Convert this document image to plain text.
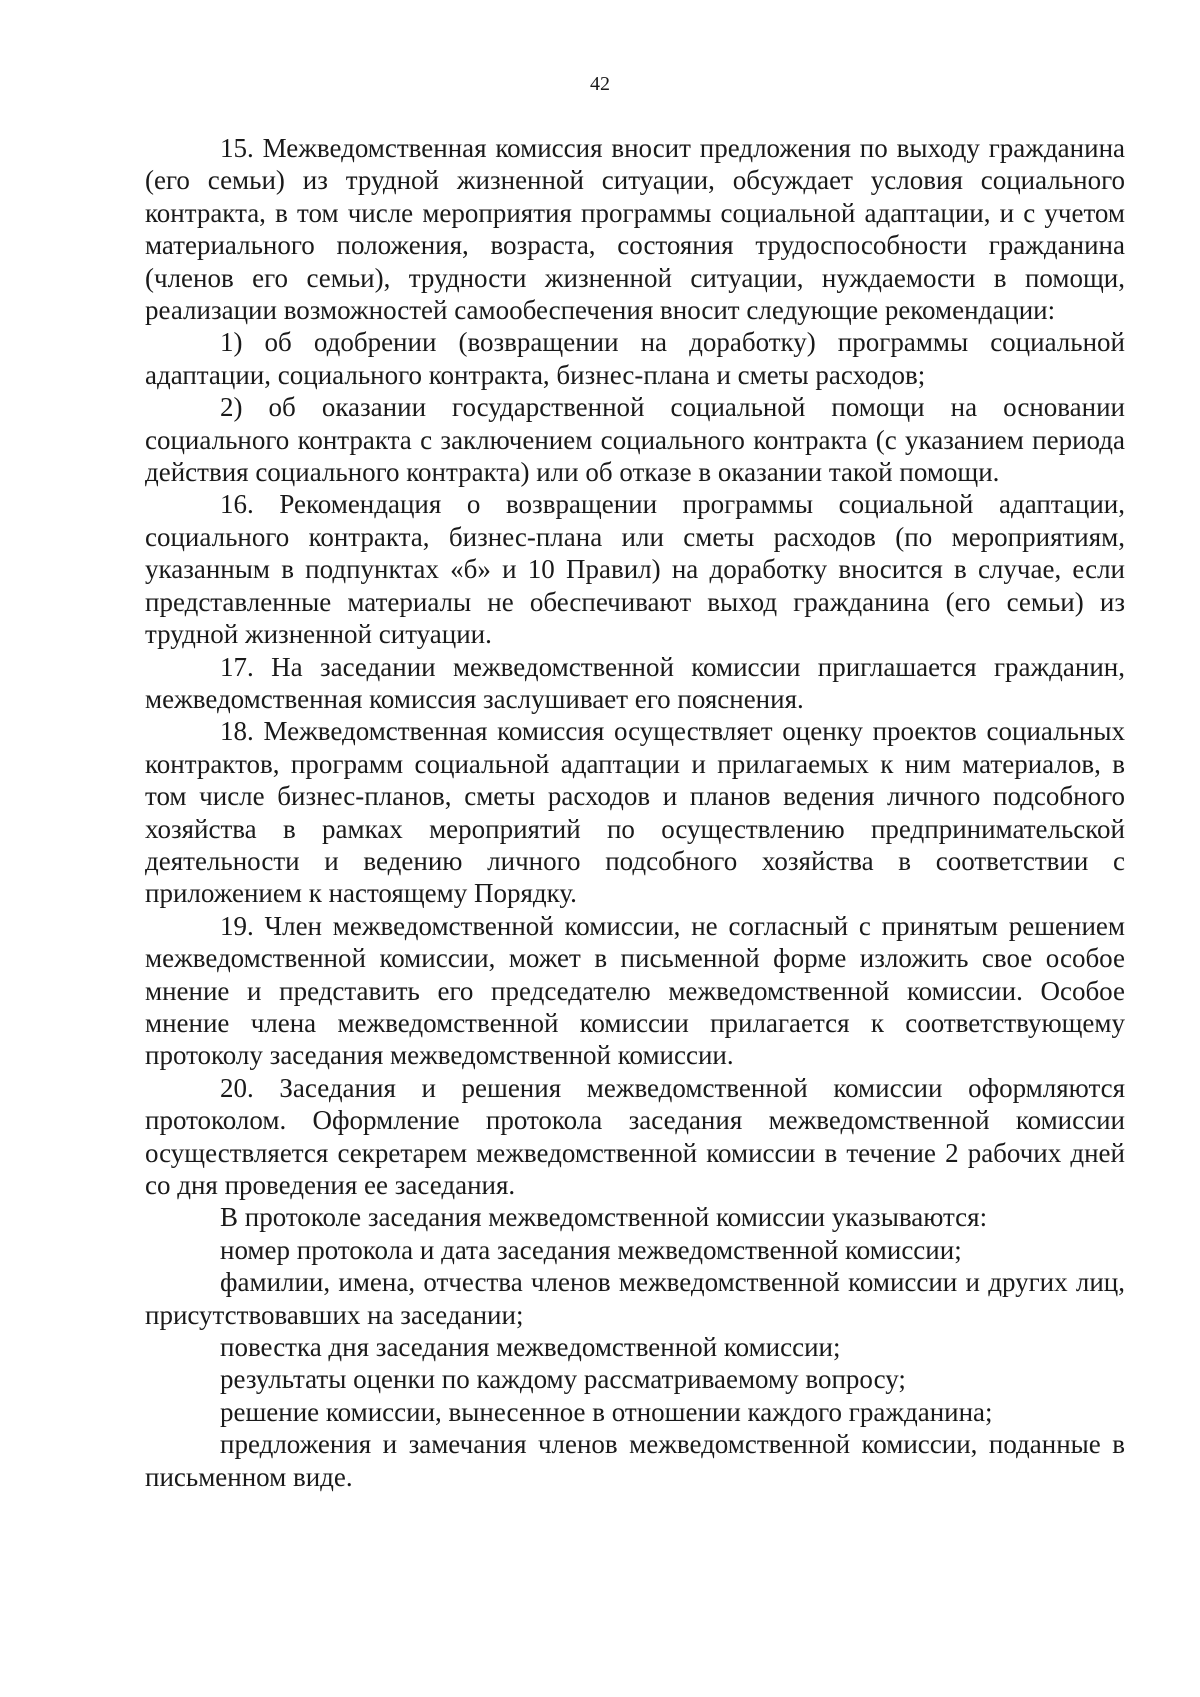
42

15. Межведомственная комиссия вносит предложения по выходу гражданина (его семьи) из трудной жизненной ситуации, обсуждает условия социального контракта, в том числе мероприятия программы социальной адаптации, и с учетом материального положения, возраста, состояния трудоспособности гражданина (членов его семьи), трудности жизненной ситуации, нуждаемости в помощи, реализации возможностей самообеспечения вносит следующие рекомендации:

1) об одобрении (возвращении на доработку) программы социальной адаптации, социального контракта, бизнес-плана и сметы расходов;

2) об оказании государственной социальной помощи на основании социального контракта с заключением социального контракта (с указанием периода действия социального контракта) или об отказе в оказании такой помощи.

16. Рекомендация о возвращении программы социальной адаптации, социального контракта, бизнес-плана или сметы расходов (по мероприятиям, указанным в подпунктах «б» и 10 Правил) на доработку вносится в случае, если представленные материалы не обеспечивают выход гражданина (его семьи) из трудной жизненной ситуации.

17. На заседании межведомственной комиссии приглашается гражданин, межведомственная комиссия заслушивает его пояснения.

18. Межведомственная комиссия осуществляет оценку проектов социальных контрактов, программ социальной адаптации и прилагаемых к ним материалов, в том числе бизнес-планов, сметы расходов и планов ведения личного подсобного хозяйства в рамках мероприятий по осуществлению предпринимательской деятельности и ведению личного подсобного хозяйства в соответствии с приложением к настоящему Порядку.

19. Член межведомственной комиссии, не согласный с принятым решением межведомственной комиссии, может в письменной форме изложить свое особое мнение и представить его председателю межведомственной комиссии. Особое мнение члена межведомственной комиссии прилагается к соответствующему протоколу заседания межведомственной комиссии.

20. Заседания и решения межведомственной комиссии оформляются протоколом. Оформление протокола заседания межведомственной комиссии осуществляется секретарем межведомственной комиссии в течение 2 рабочих дней со дня проведения ее заседания.

В протоколе заседания межведомственной комиссии указываются:

номер протокола и дата заседания межведомственной комиссии;

фамилии, имена, отчества членов межведомственной комиссии и других лиц, присутствовавших на заседании;

повестка дня заседания межведомственной комиссии;

результаты оценки по каждому рассматриваемому вопросу;

решение комиссии, вынесенное в отношении каждого гражданина;

предложения и замечания членов межведомственной комиссии, поданные в письменном виде.
